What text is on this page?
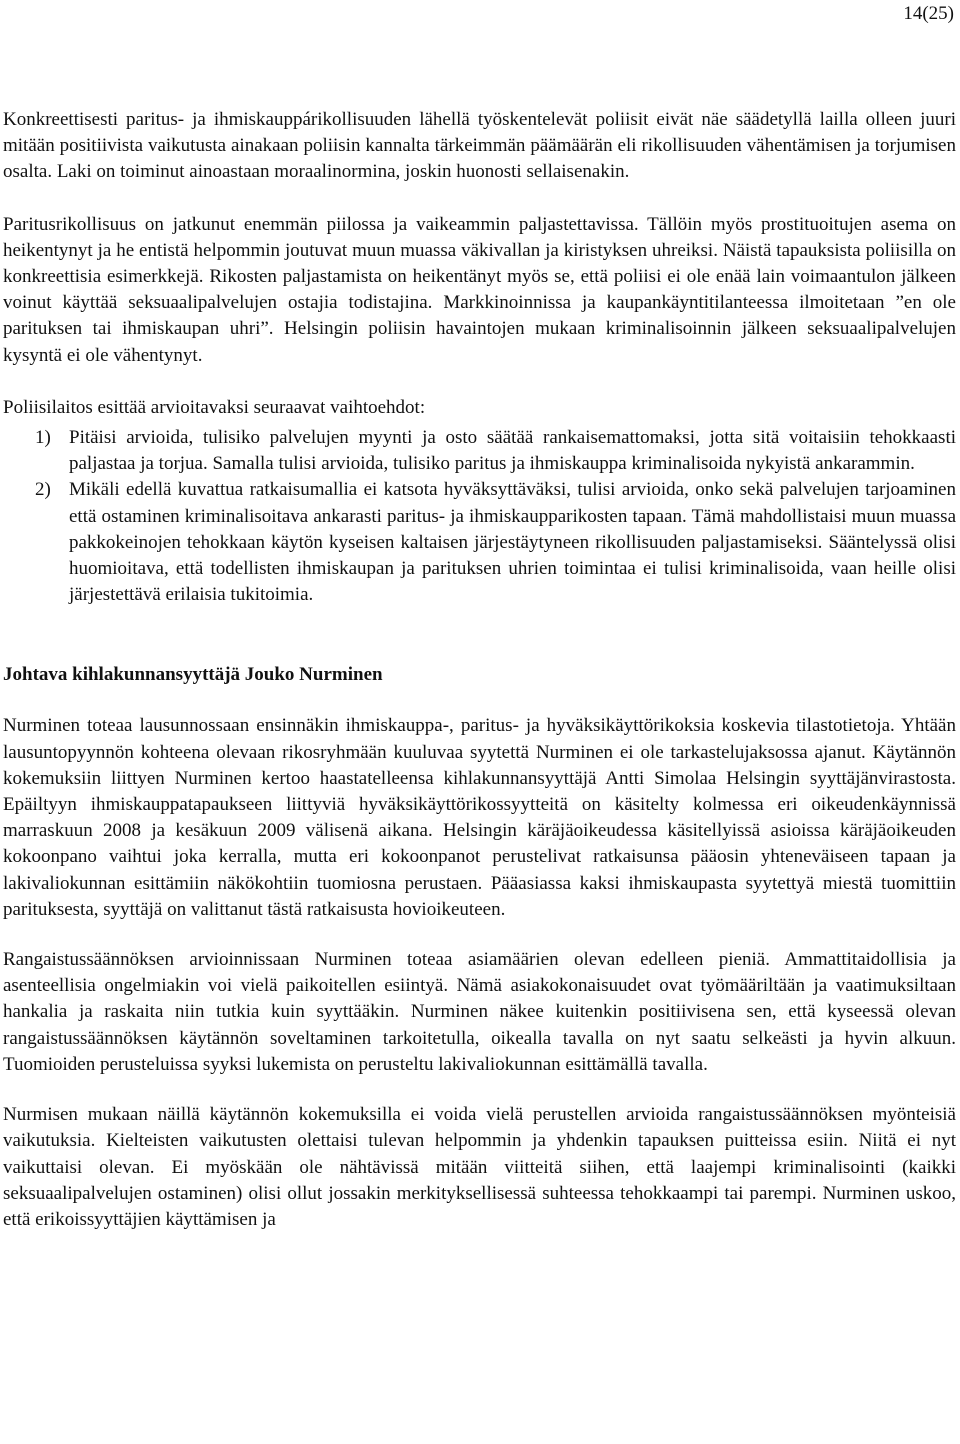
14(25)

Konkreettisesti paritus- ja ihmiskauppárikollisuuden lähellä työskentelevät poliisit eivät näe säädetyllä lailla olleen juuri mitään positiivista vaikutusta ainakaan poliisin kannalta tärkeimmän päämäärän eli rikollisuuden vähentämisen ja torjumisen osalta. Laki on toiminut ainoastaan moraalinormina, joskin huonosti sellaisenakin.

Paritusrikollisuus on jatkunut enemmän piilossa ja vaikeammin paljastettavissa. Tällöin myös prostituoitujen asema on heikentynyt ja he entistä helpommin joutuvat muun muassa väkivallan ja kiristyksen uhreiksi. Näistä tapauksista poliisilla on konkreettisia esimerkkejä. Rikosten paljastamista on heikentänyt myös se, että poliisi ei ole enää lain voimaantulon jälkeen voinut käyttää seksuaalipalvelujen ostajia todistajina. Markkinoinnissa ja kaupankäyntitilanteessa ilmoitetaan ”en ole parituksen tai ihmiskaupan uhri”. Helsingin poliisin havaintojen mukaan kriminalisoinnin jälkeen seksuaalipalvelujen kysyntä ei ole vähentynyt.

Poliisilaitos esittää arvioitavaksi seuraavat vaihtoehdot:

1) Pitäisi arvioida, tulisiko palvelujen myynti ja osto säätää rankaisemattomaksi, jotta sitä voitaisiin tehokkaasti paljastaa ja torjua. Samalla tulisi arvioida, tulisiko paritus ja ihmiskauppa kriminalisoida nykyistä ankarammin.
2) Mikäli edellä kuvattua ratkaisumallia ei katsota hyväksyttäväksi, tulisi arvioida, onko sekä palvelujen tarjoaminen että ostaminen kriminalisoitava ankarasti paritus- ja ihmiskaupparikosten tapaan. Tämä mahdollistaisi muun muassa pakkokeinojen tehokkaan käytön kyseisen kaltaisen järjestäytyneen rikollisuuden paljastamiseksi. Sääntelyssä olisi huomioitava, että todellisten ihmiskaupan ja parituksen uhrien toimintaa ei tulisi kriminalisoida, vaan heille olisi järjestettävä erilaisia tukitoimia.
Johtava kihlakunnansyyttäjä Jouko Nurminen

Nurminen toteaa lausunnossaan ensinnäkin ihmiskauppa-, paritus- ja hyväksikäyttörikoksia koskevia tilastotietoja. Yhtään lausuntopyynnön kohteena olevaan rikosryhmään kuuluvaa syytettä Nurminen ei ole tarkastelujaksossa ajanut. Käytännön kokemuksiin liittyen Nurminen kertoo haastatelleensa kihlakunnansyyttäjä Antti Simolaa Helsingin syyttäjänvirastosta. Epäiltyyn ihmiskauppatapaukseen liittyviä hyväksikäyttörikossyytteitä on käsitelty kolmessa eri oikeudenkäynnissä marraskuun 2008 ja kesäkuun 2009 välisenä aikana. Helsingin käräjäoikeudessa käsitellyissä asioissa käräjäoikeuden kokoonpano vaihtui joka kerralla, mutta eri kokoonpanot perustelivat ratkaisunsa pääosin yhteneväiseen tapaan ja lakivaliokunnan esittämiin näkökohtiin tuomiosna perustaen. Pääasiassa kaksi ihmiskaupasta syytettyä miestä tuomittiin parituksesta, syyttäjä on valittanut tästä ratkaisusta hovioikeuteen.

Rangaistussäännöksen arvioinnissaan Nurminen toteaa asiamäärien olevan edelleen pieniä. Ammattitaidollisia ja asenteellisia ongelmiakin voi vielä paikoitellen esiintyä. Nämä asiakokonaisuudet ovat työmääriltään ja vaatimuksiltaan hankalia ja raskaita niin tutkia kuin syyttääkin. Nurminen näkee kuitenkin positiivisena sen, että kyseessä olevan rangaistussäännöksen käytännön soveltaminen tarkoitetulla, oikealla tavalla on nyt saatu selkeästi ja hyvin alkuun. Tuomioiden perusteluissa syyksi lukemista on perusteltu lakivaliokunnan esittämällä tavalla.

Nurmisen mukaan näillä käytännön kokemuksilla ei voida vielä perustellen arvioida rangaistussäännöksen myönteisiä vaikutuksia. Kielteisten vaikutusten olettaisi tulevan helpommin ja yhdenkin tapauksen puitteissa esiin. Niitä ei nyt vaikuttaisi olevan. Ei myöskään ole nähtävissä mitään viitteitä siihen, että laajempi kriminalisointi (kaikki seksuaalipalvelujen ostaminen) olisi ollut jossakin merkityksellisessä suhteessa tehokkaampi tai parempi. Nurminen uskoo, että erikoissyyttäjien käyttämisen ja
